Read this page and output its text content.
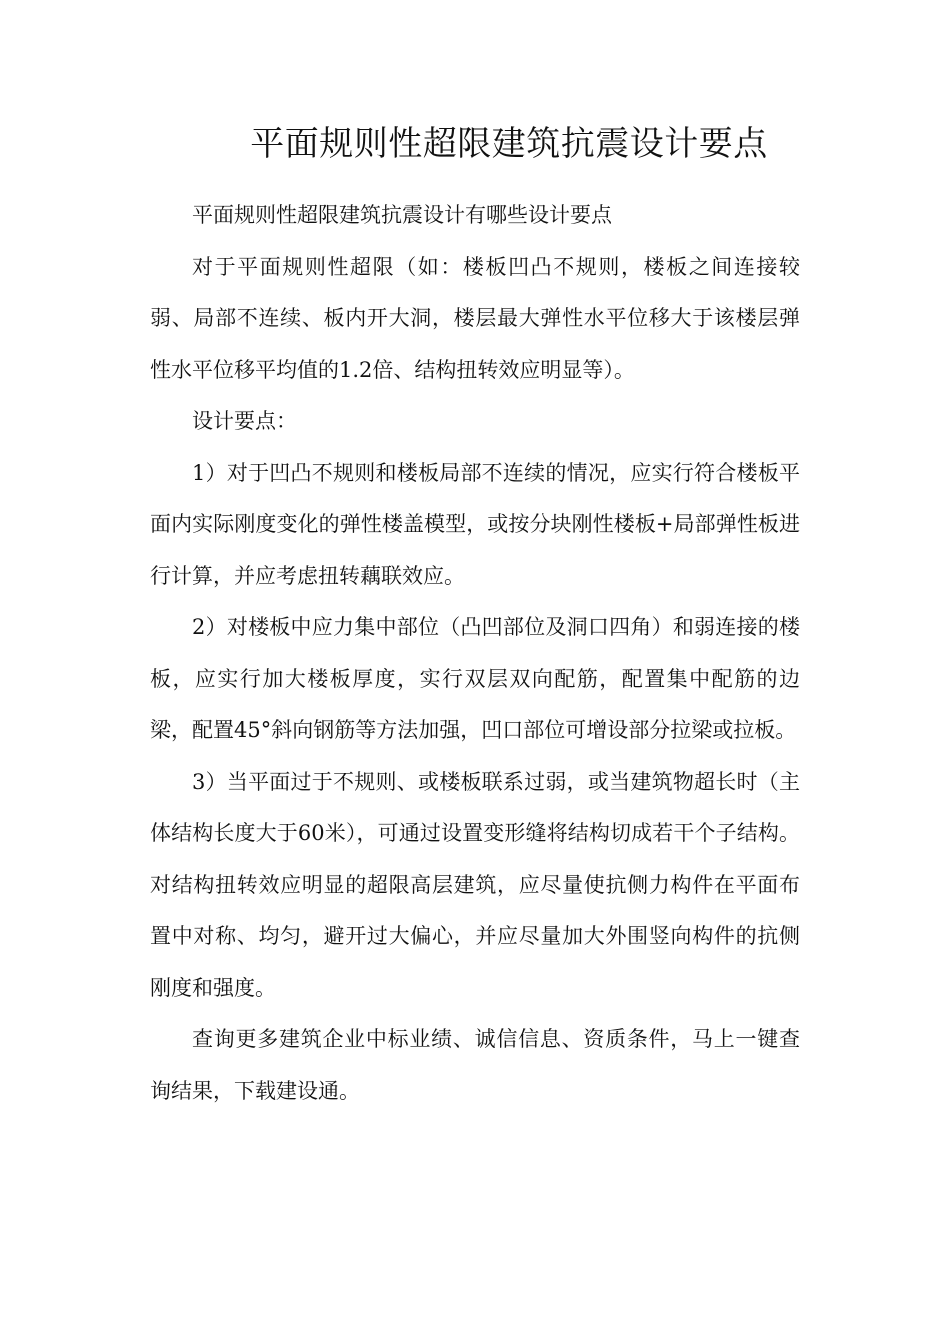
平面规则性超限建筑抗震设计要点

平面规则性超限建筑抗震设计有哪些设计要点

对于平面规则性超限（如：楼板凹凸不规则，楼板之间连接较弱、局部不连续、板内开大洞，楼层最大弹性水平位移大于该楼层弹性水平位移平均值的1.2倍、结构扭转效应明显等）。

设计要点：

1）对于凹凸不规则和楼板局部不连续的情况，应实行符合楼板平面内实际刚度变化的弹性楼盖模型，或按分块刚性楼板+局部弹性板进行计算，并应考虑扭转藕联效应。

2）对楼板中应力集中部位（凸凹部位及洞口四角）和弱连接的楼板，应实行加大楼板厚度，实行双层双向配筋，配置集中配筋的边梁，配置45°斜向钢筋等方法加强，凹口部位可增设部分拉梁或拉板。

3）当平面过于不规则、或楼板联系过弱，或当建筑物超长时（主体结构长度大于60米），可通过设置变形缝将结构切成若干个子结构。对结构扭转效应明显的超限高层建筑，应尽量使抗侧力构件在平面布置中对称、均匀，避开过大偏心，并应尽量加大外围竖向构件的抗侧刚度和强度。

查询更多建筑企业中标业绩、诚信信息、资质条件，马上一键查询结果，下载建设通。
